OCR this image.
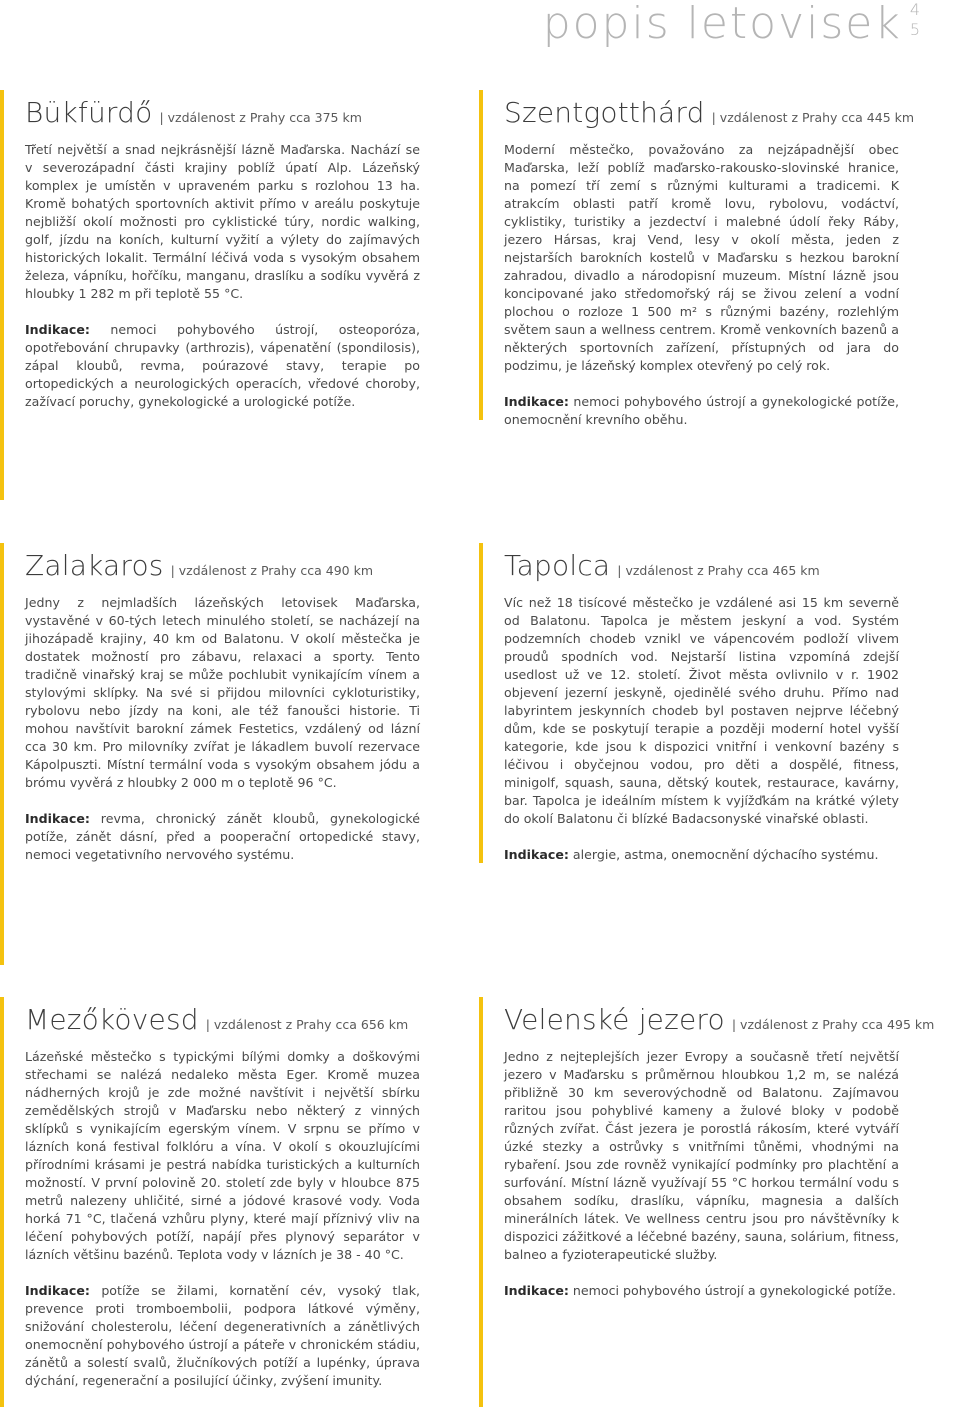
popis letovisek 4
5
Bükfürdő | vzdálenost z Prahy cca 375 km

Třetí největší a snad nejkrásnější lázně Maďarska. Nachází se v severozápadní části krajiny poblíž úpatí Alp. Lázeňský komplex je umístěn v upraveném parku s rozlohou 13 ha. Kromě bohatých sportovních aktivit přímo v areálu poskytuje nejbližší okolí možnosti pro cyklistické túry, nordic walking, golf, jízdu na koních, kulturní vyžití a výlety do zajímavých historických lokalit. Termální léčivá voda s vysokým obsahem železa, vápníku, hořčíku, manganu, draslíku a sodíku vyvěrá z hloubky 1 282 m při teplotě 55 °C.

Indikace: nemoci pohybového ústrojí, osteoporóza, opotřebování chrupavky (arthrozis), vápenatění (spondilosis), zápal kloubů, revma, poúrazové stavy, terapie po ortopedických a neurologických operacích, vředové choroby, zažívací poruchy, gynekologické a urologické potíže.

Szentgotthárd | vzdálenost z Prahy cca 445 km

Moderní městečko, považováno za nejzápadnější obec Maďarska, leží poblíž maďarsko-rakousko-slovinské hranice, na pomezí tří zemí s různými kulturami a tradicemi. K atrakcím oblasti patří kromě lovu, rybolovu, vodáctví, cyklistiky, turistiky a jezdectví i malebné údolí řeky Ráby, jezero Hársas, kraj Vend, lesy v okolí města, jeden z nejstarších barokních kostelů v Maďarsku s hezkou barokní zahradou, divadlo a národopisní muzeum. Místní lázně jsou koncipované jako středomořský ráj se živou zelení a vodní plochou o rozloze 1 500 m² s různými bazény, rozlehlým světem saun a wellness centrem. Kromě venkovních bazenů a některých sportovních zařízení, přístupných od jara do podzimu, je lázeňský komplex otevřený po celý rok.

Indikace: nemoci pohybového ústrojí a gynekologické potíže, onemocnění krevního oběhu.

Zalakaros | vzdálenost z Prahy cca 490 km

Jedny z nejmladších lázeňských letovisek Maďarska, vystavěné v 60-tých letech minulého století, se nacházejí na jihozápadě krajiny, 40 km od Balatonu. V okolí městečka je dostatek možností pro zábavu, relaxaci a sporty. Tento tradičně vinařský kraj se může pochlubit vynikajícím vínem a stylovými sklípky. Na své si přijdou milovníci cykloturistiky, rybolovu nebo jízdy na koni, ale též fanoušci historie. Ti mohou navštívit barokní zámek Festetics, vzdálený od lázní cca 30 km. Pro milovníky zvířat je lákadlem buvolí rezervace Kápolpuszti. Místní termální voda s vysokým obsahem jódu a brómu vyvěrá z hloubky 2 000 m o teplotě 96 °C.

Indikace: revma, chronický zánět kloubů, gynekologické potíže, zánět dásní, před a pooperační ortopedické stavy, nemoci vegetativního nervového systému.

Tapolca | vzdálenost z Prahy cca 465 km

Víc než 18 tisícové městečko je vzdálené asi 15 km severně od Balatonu. Tapolca je městem jeskyní a vod. Systém podzemních chodeb vznikl ve vápencovém podloží vlivem proudů spodních vod. Nejstarší listina vzpomíná zdejší usedlost už ve 12. století. Život města ovlivnilo v r. 1902 objevení jezerní jeskyně, ojedinělé svého druhu. Přímo nad labyrintem jeskynních chodeb byl postaven nejprve léčebný dům, kde se poskytují terapie a později moderní hotel vyšší kategorie, kde jsou k dispozici vnitřní i venkovní bazény s léčivou i obyčejnou vodou, pro děti a dospělé, fitness, minigolf, squash, sauna, dětský koutek, restaurace, kavárny, bar. Tapolca je ideálním místem k vyjížďkám na krátké výlety do okolí Balatonu či blízké Badacsonyské vinařské oblasti.

Indikace: alergie, astma, onemocnění dýchacího systému.

Mezőkövesd | vzdálenost z Prahy cca 656 km

Lázeňské městečko s typickými bílými domky a doškovými střechami se nalézá nedaleko města Eger. Kromě muzea nádherných krojů je zde možné navštívit i největší sbírku zemědělských strojů v Maďarsku nebo některý z vinných sklípků s vynikajícím egerským vínem. V srpnu se přímo v lázních koná festival folklóru a vína. V okolí s okouzlujícími přírodními krásami je pestrá nabídka turistických a kulturních možností. V první polovině 20. století zde byly v hloubce 875 metrů nalezeny uhličité, sirné a jódové krasové vody. Voda horká 71 °C, tlačená vzhůru plyny, které mají příznivý vliv na léčení pohybových potíží, napájí přes plynový separátor v lázních většinu bazénů. Teplota vody v lázních je 38 - 40 °C.

Indikace: potíže se žilami, kornatění cév, vysoký tlak, prevence proti tromboembolii, podpora látkové výměny, snižování cholesterolu, léčení degenerativních a zánětlivých onemocnění pohybového ústrojí a páteře v chronickém stádiu, zánětů a solestí svalů, žlučníkových potíží a lupénky, úprava dýchání, regenerační a posilující účinky, zvýšení imunity.

Velenské jezero | vzdálenost z Prahy cca 495 km

Jedno z nejteplejších jezer Evropy a současně třetí největší jezero v Maďarsku s průměrnou hloubkou 1,2 m, se nalézá přibližně 30 km severovýchodně od Balatonu. Zajímavou raritou jsou pohyblivé kameny a žulové bloky v podobě různých zvířat. Část jezera je porostlá rákosím, které vytváří úzké stezky a ostrůvky s vnitřními tůněmi, vhodnými na rybaření. Jsou zde rovněž vynikající podmínky pro plachtění a surfování. Místní lázně využívají 55 °C horkou termální vodu s obsahem sodíku, draslíku, vápníku, magnesia a dalších minerálních látek. Ve wellness centru jsou pro návštěvníky k dispozici zážitkové a léčebné bazény, sauna, solárium, fitness, balneo a fyzioterapeutické služby.

Indikace: nemoci pohybového ústrojí a gynekologické potíže.
